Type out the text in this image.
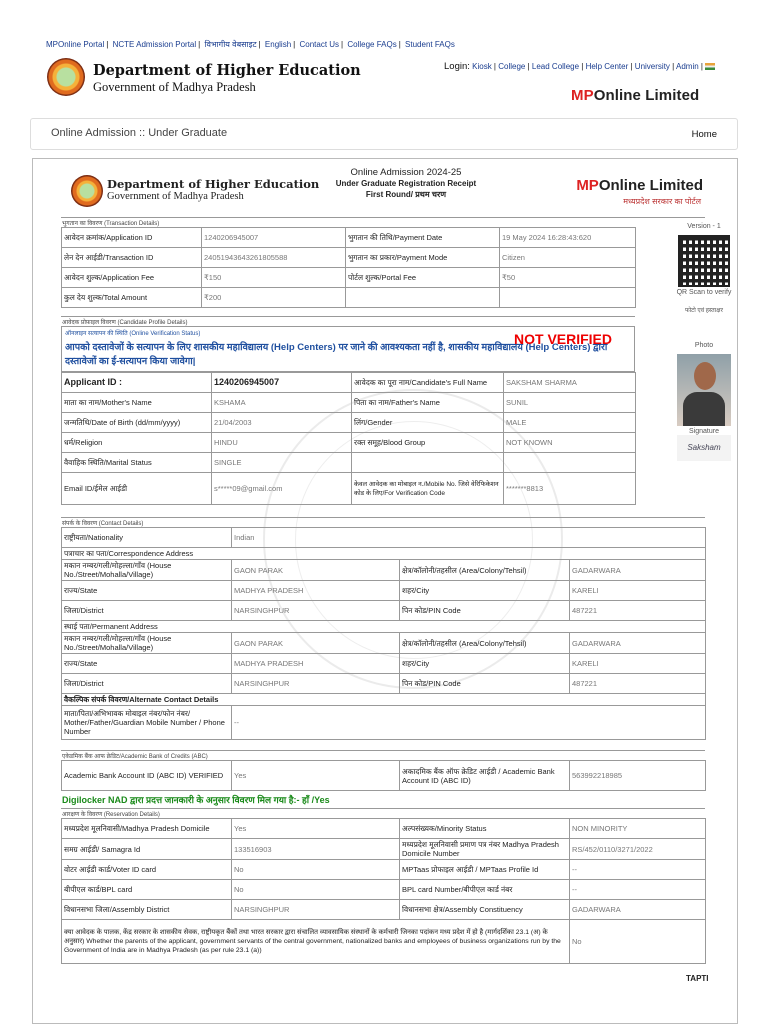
MPOnline Portal | NCTE Admission Portal | विभागीय वेबसाइट | English | Contact Us | College FAQs | Student FAQs
Department of Higher Education
Government of Madhya Pradesh
Login: Kiosk | College | Lead College | Help Center | University | Admin |
MPOnline Limited
Online Admission :: Under Graduate	Home
Department of Higher Education
Government of Madhya Pradesh
Online Admission 2024-25
Under Graduate Registration Receipt
First Round/ प्रथम चरण
MPOnline Limited
मध्यप्रदेश सरकार का पोर्टल
भुगतान का विवरण (Transaction Details)
आवेदन क्रमांक/Application ID	1240206945007	भुगतान की तिथि/Payment Date	19 May 2024 16:28:43:620
लेन देन आईडी/Transaction ID	24051943643261805588	भुगतान का प्रकार/Payment Mode	Citizen
आवेदन शुल्क/Application Fee	₹150	पोर्टल शुल्क/Portal Fee	₹50
कुल देय शुल्क/Total Amount	₹200		
आवेदक प्रोफ़ाइल विवरण (Candidate Profile Details)
ऑनलाइन सत्यापन की स्थिति (Online Verification Status)	NOT VERIFIED
आपको दस्तावेजों के सत्यापन के लिए शासकीय महाविद्यालय (Help Centers) पर जाने की आवश्यकता नहीं है, शासकीय महाविद्यालय (Help Centers) द्वारा दस्तावेजों का ई-सत्यापन किया जावेगा|
Applicant ID :	1240206945007	आवेदक का पूरा नाम/Candidate's Full Name	SAKSHAM SHARMA
माता का नाम/Mother's Name	KSHAMA	पिता का नाम/Father's Name	SUNIL
जन्मतिथि/Date of Birth (dd/mm/yyyy)	21/04/2003	लिंग/Gender	MALE
धर्म/Religion	HINDU	रक्त समूह/Blood Group	NOT KNOWN
वैवाहिक स्थिति/Marital Status	SINGLE		
Email ID/ईमेल आईडी	s*****09@gmail.com	केवल आवेदक का मोबाइल न./Mobile No. जिसे वेरिफिकेशन कोड के लिए/For Verification Code	*******8813
संपर्क के विवरण (Contact Details)
राष्ट्रीयता/Nationality	Indian		
पत्राचार का पता/Correspondence Address			
मकान नम्बर/गली/मोहल्ला/गाँव (House No./Street/Mohalla/Village)	GAON PARAK	क्षेत्र/कॉलोनी/तहसील (Area/Colony/Tehsil)	GADARWARA
राज्य/State	MADHYA PRADESH	शहर/City	KARELI
जिला/District	NARSINGHPUR	पिन कोड/PIN Code	487221
स्थाई पता/Permanent Address			
मकान नम्बर/गली/मोहल्ला/गाँव (House No./Street/Mohalla/Village)	GAON PARAK	क्षेत्र/कॉलोनी/तहसील (Area/Colony/Tehsil)	GADARWARA
राज्य/State	MADHYA PRADESH	शहर/City	KARELI
जिला/District	NARSINGHPUR	पिन कोड/PIN Code	487221
वैकल्पिक संपर्क विवरण/Alternate Contact Details			
माता/पिता/अभिभावक मोबाइल नंबर/फोन नंबर/ Mother/Father/Guardian Mobile Number / Phone Number	--		
एकेडमिक बैंक आफ क्रेडिट/Academic Bank of Credits (ABC)
Academic Bank Account ID (ABC ID) VERIFIED	Yes	अकादमिक बैंक ऑफ क्रेडिट आईडी / Academic Bank Account ID (ABC ID)	563992218985
Digilocker NAD द्वारा प्रदत्त जानकारी के अनुसार विवरण मिल गया है:- हाँ /Yes
आरक्षण के विवरण (Reservation Details)
मध्यप्रदेश मूलनिवासी/Madhya Pradesh Domicile	Yes	अल्पसंख्यक/Minority Status	NON MINORITY
समग्र आईडी/ Samagra Id	133516903	मध्यप्रदेश मूलनिवासी प्रमाण पत्र नंबर Madhya Pradesh Domicile Number	RS/452/0110/3271/2022
वोटर आईडी कार्ड/Voter ID card	No	MPTaas प्रोफाइल आईडी / MPTaas Profile Id	--
बीपीएल कार्ड/BPL card	No	BPL card Number/बीपीएल कार्ड नंबर	--
विधानसभा जिला/Assembly District	NARSINGHPUR	विधानसभा क्षेत्र/Assembly Constituency	GADARWARA
क्या आवेदक के पालक, केंद्र सरकार के शासकीय सेवक, राष्ट्रीयकृत बैंकों तथा भारत सरकार द्वारा संचालित व्यावसायिक संस्थानों के कर्मचारी जिनका पदांकन मध्य प्रदेश में हो है (मार्गदर्शिका 23.1 (अ) के अनुसार) Whether the parents of the applicant, government servants of the central government, nationalized banks and employees of business organizations run by the Government of India are in Madhya Pradesh (as per rule 23.1 (a))			No
Version - 1
QR Scan to verify
फोटो एवं हस्ताक्षर
Photo
Signature
Saksham
TAPTI
